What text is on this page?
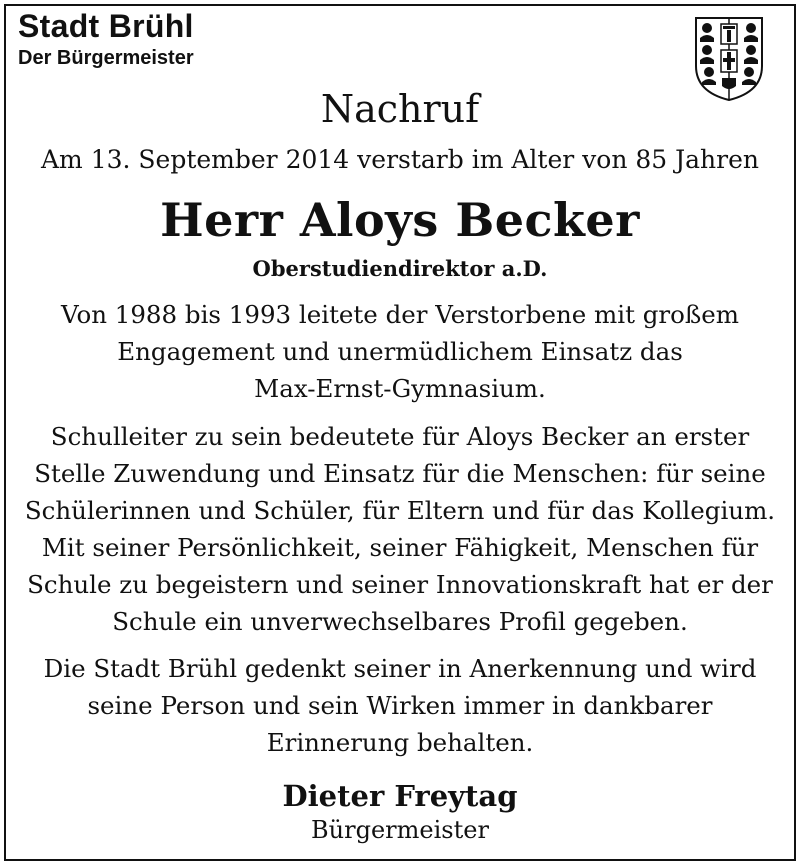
Stadt Brühl
Der Bürgermeister
Nachruf
Am 13. September 2014 verstarb im Alter von 85 Jahren
Herr Aloys Becker
Oberstudiendirektor a.D.
Von 1988 bis 1993 leitete der Verstorbene mit großem
Engagement und unermüdlichem Einsatz das
Max-Ernst-Gymnasium.
Schulleiter zu sein bedeutete für Aloys Becker an erster
Stelle Zuwendung und Einsatz für die Menschen: für seine
Schülerinnen und Schüler, für Eltern und für das Kollegium.
Mit seiner Persönlichkeit, seiner Fähigkeit, Menschen für
Schule zu begeistern und seiner Innovationskraft hat er der
Schule ein unverwechselbares Profil gegeben.
Die Stadt Brühl gedenkt seiner in Anerkennung und wird
seine Person und sein Wirken immer in dankbarer
Erinnerung behalten.
Dieter Freytag
Bürgermeister
